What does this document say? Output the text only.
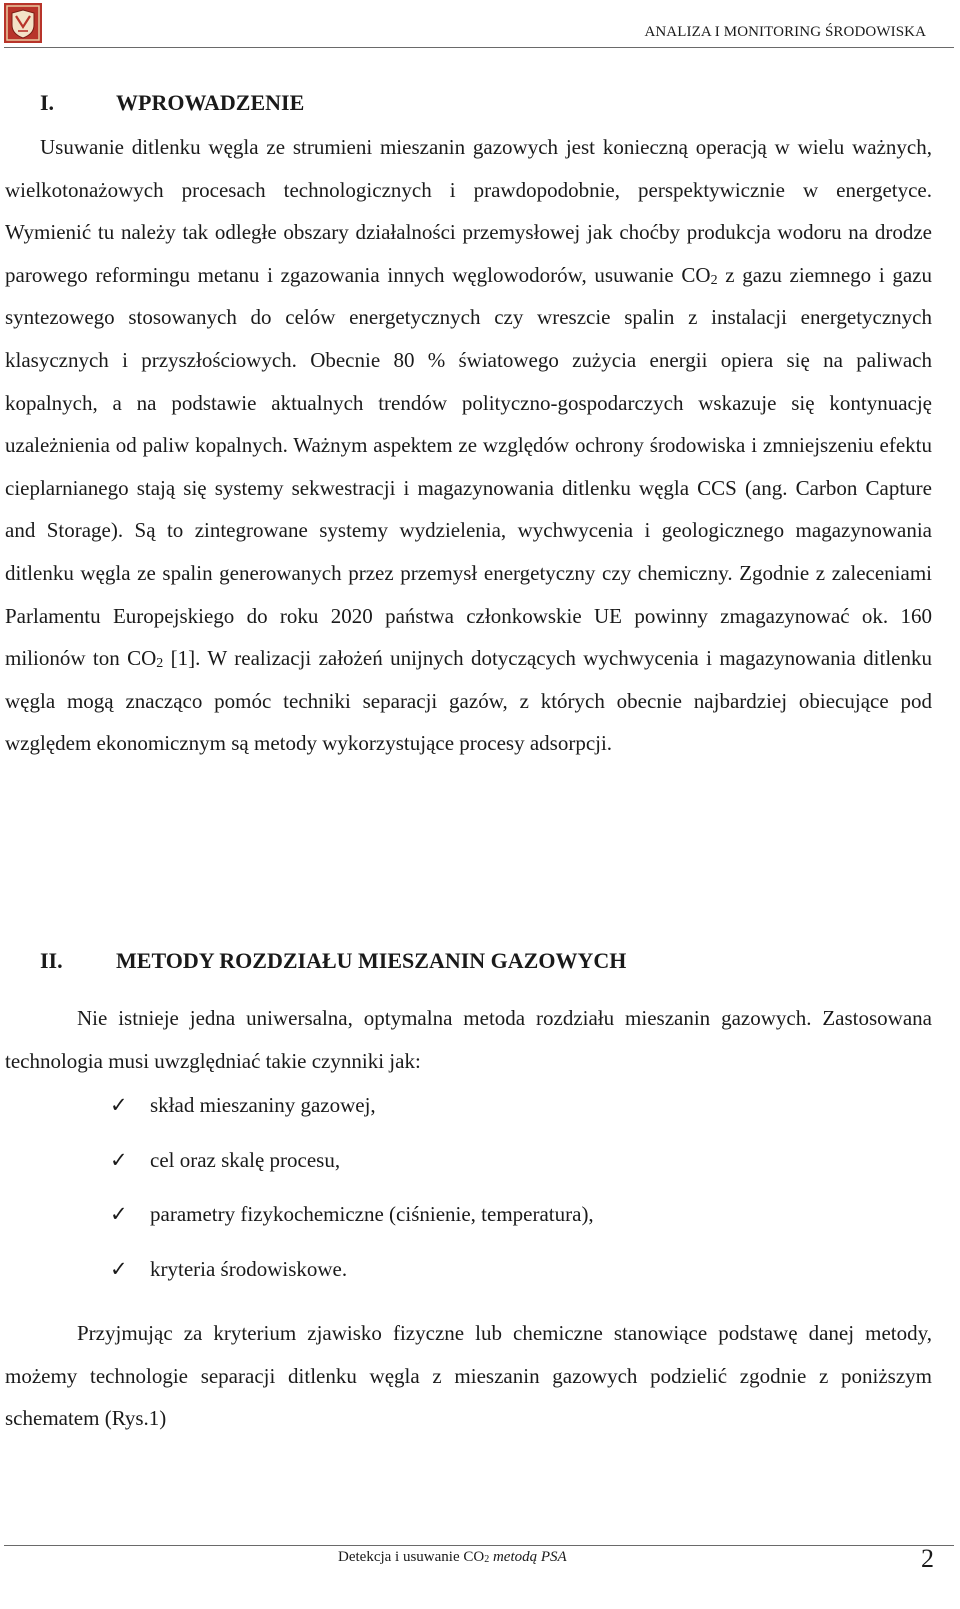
ANALIZA I MONITORING ŚRODOWISKA
I.	WPROWADZENIE

Usuwanie ditlenku węgla ze strumieni mieszanin gazowych jest konieczną operacją w wielu ważnych, wielkotonażowych procesach technologicznych i prawdopodobnie, perspektywicznie w energetyce. Wymienić tu należy tak odległe obszary działalności przemysłowej jak choćby produkcja wodoru na drodze parowego reformingu metanu i zgazowania innych węglowodorów, usuwanie $CO_2$ z gazu ziemnego i gazu syntezowego stosowanych do celów energetycznych czy wreszcie spalin z instalacji energetycznych klasycznych i przyszłościowych. Obecnie 80 % światowego zużycia energii opiera się na paliwach kopalnych, a na podstawie aktualnych trendów polityczno-gospodarczych wskazuje się kontynuację uzależnienia od paliw kopalnych. Ważnym aspektem ze względów ochrony środowiska i zmniejszeniu efektu cieplarnianego stają się systemy sekwestracji i magazynowania ditlenku węgla CCS (ang. Carbon Capture and Storage). Są to zintegrowane systemy wydzielenia, wychwycenia i geologicznego magazynowania ditlenku węgla ze spalin generowanych przez przemysł energetyczny czy chemiczny. Zgodnie z zaleceniami Parlamentu Europejskiego do roku 2020 państwa członkowskie UE powinny zmagazynować ok. 160 milionów ton $CO_2$ [1]. W realizacji założeń unijnych dotyczących wychwycenia i magazynowania ditlenku węgla mogą znacząco pomóc techniki separacji gazów, z których obecnie najbardziej obiecujące pod względem ekonomicznym są metody wykorzystujące procesy adsorpcji.

II. METODY ROZDZIAŁU MIESZANIN GAZOWYCH

Nie istnieje jedna uniwersalna, optymalna metoda rozdziału mieszanin gazowych. Zastosowana technologia musi uwzględniać takie czynniki jak:

✓	skład mieszaniny gazowej,
✓	cel oraz skalę procesu,
✓	parametry fizykochemiczne (ciśnienie, temperatura),
✓	kryteria środowiskowe.

Przyjmując za kryterium zjawisko fizyczne lub chemiczne stanowiące podstawę danej metody, możemy technologie separacji ditlenku węgla z mieszanin gazowych podzielić zgodnie z poniższym schematem (Rys.1)

Detekcja i usuwanie $CO_2$ metodą PSA	2
